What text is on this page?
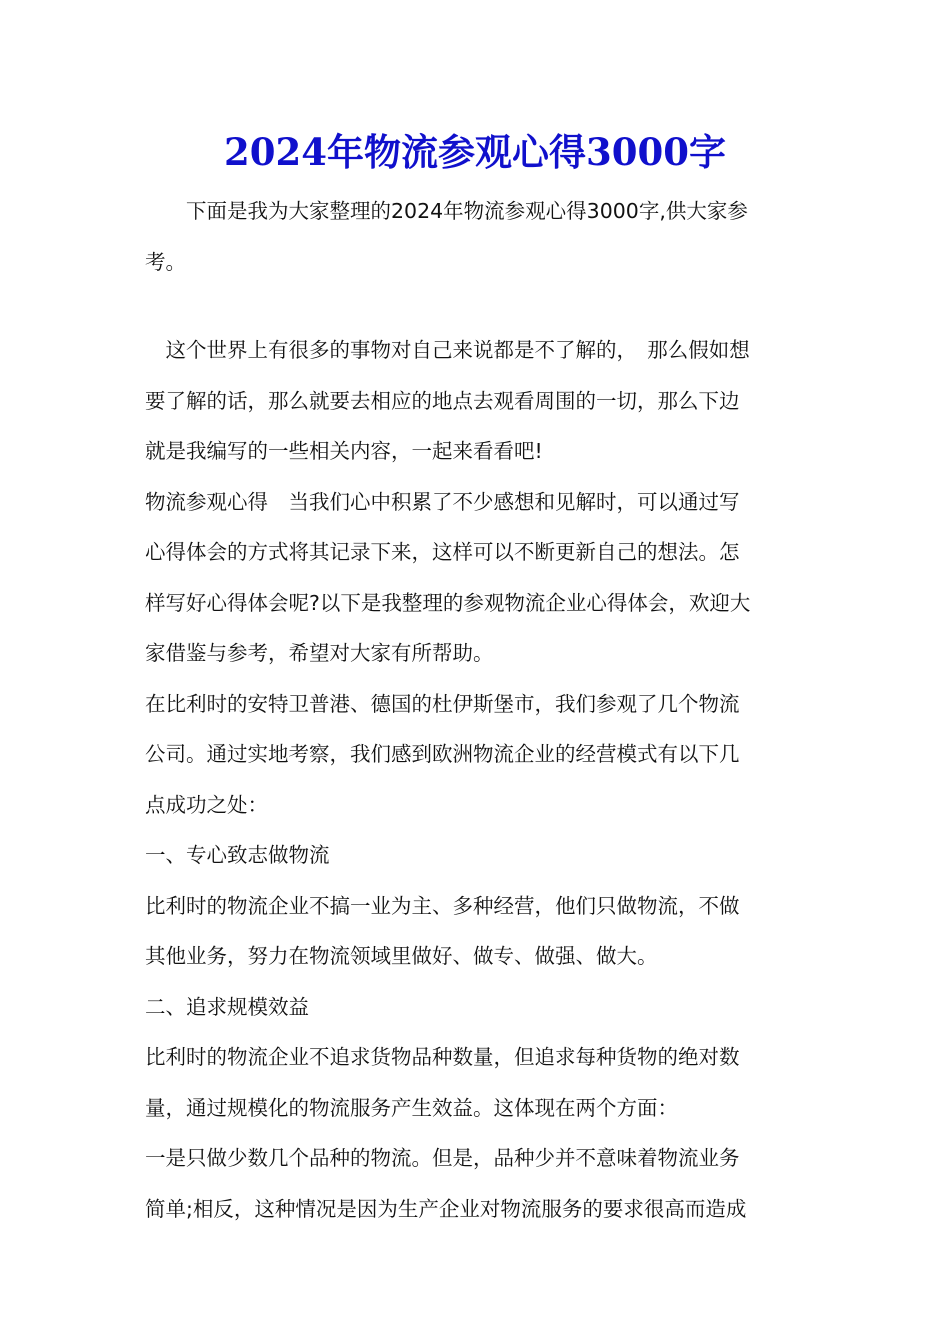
2024年物流参观心得3000字
　　下面是我为大家整理的2024年物流参观心得3000字,供大家参
考。
　这个世界上有很多的事物对自己来说都是不了解的，　那么假如想
要了解的话，那么就要去相应的地点去观看周围的一切，那么下边
就是我编写的一些相关内容，一起来看看吧!
物流参观心得　当我们心中积累了不少感想和见解时，可以通过写
心得体会的方式将其记录下来，这样可以不断更新自己的想法。怎
样写好心得体会呢?以下是我整理的参观物流企业心得体会，欢迎大
家借鉴与参考，希望对大家有所帮助。
在比利时的安特卫普港、德国的杜伊斯堡市，我们参观了几个物流
公司。通过实地考察，我们感到欧洲物流企业的经营模式有以下几
点成功之处：
一、专心致志做物流
比利时的物流企业不搞一业为主、多种经营，他们只做物流，不做
其他业务，努力在物流领域里做好、做专、做强、做大。
二、追求规模效益
比利时的物流企业不追求货物品种数量，但追求每种货物的绝对数
量，通过规模化的物流服务产生效益。这体现在两个方面：
一是只做少数几个品种的物流。但是，品种少并不意味着物流业务
简单;相反，这种情况是因为生产企业对物流服务的要求很高而造成
